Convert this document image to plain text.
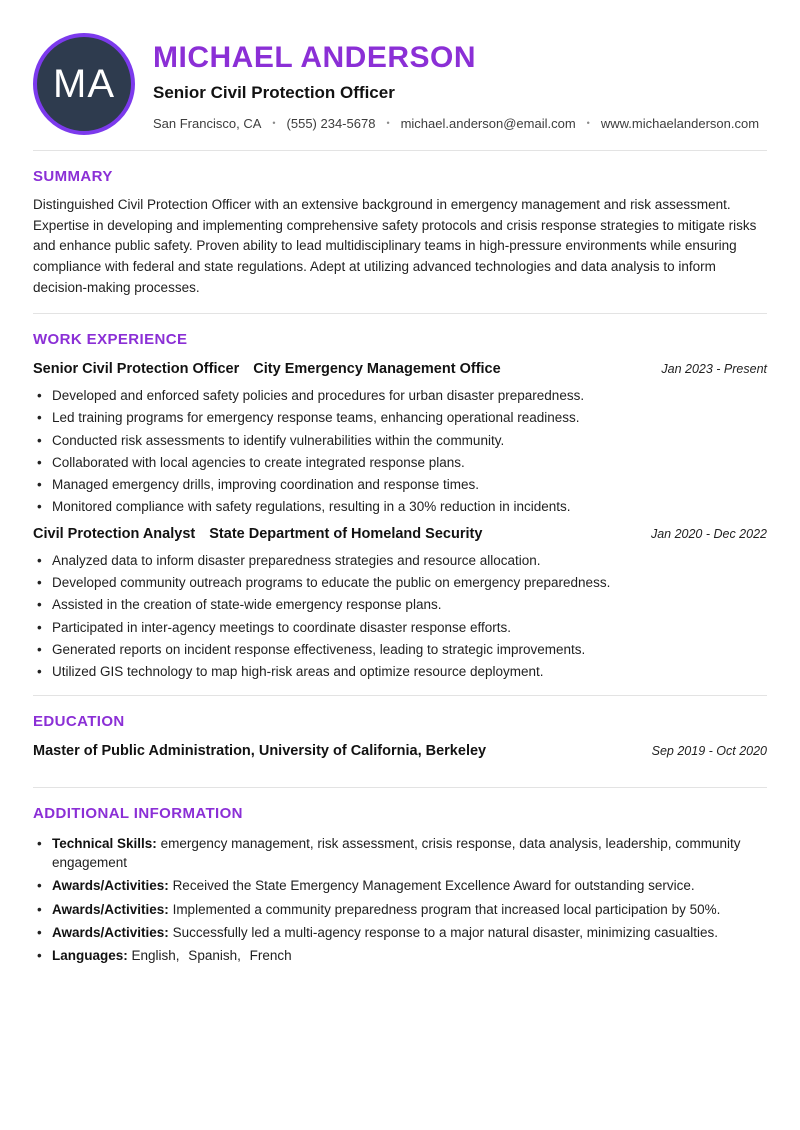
MA
MICHAEL ANDERSON
Senior Civil Protection Officer
San Francisco, CA • (555) 234-5678 • michael.anderson@email.com • www.michaelanderson.com
SUMMARY

Distinguished Civil Protection Officer with an extensive background in emergency management and risk assessment. Expertise in developing and implementing comprehensive safety protocols and crisis response strategies to mitigate risks and enhance public safety. Proven ability to lead multidisciplinary teams in high-pressure environments while ensuring compliance with federal and state regulations. Adept at utilizing advanced technologies and data analysis to inform decision-making processes.

WORK EXPERIENCE
Senior Civil Protection Officer City Emergency Management Office	Jan 2023 - Present
• Developed and enforced safety policies and procedures for urban disaster preparedness.
• Led training programs for emergency response teams, enhancing operational readiness.
• Conducted risk assessments to identify vulnerabilities within the community.
• Collaborated with local agencies to create integrated response plans.
• Managed emergency drills, improving coordination and response times.
• Monitored compliance with safety regulations, resulting in a 30% reduction in incidents.
Civil Protection Analyst State Department of Homeland Security	Jan 2020 - Dec 2022
• Analyzed data to inform disaster preparedness strategies and resource allocation.
• Developed community outreach programs to educate the public on emergency preparedness.
• Assisted in the creation of state-wide emergency response plans.
• Participated in inter-agency meetings to coordinate disaster response efforts.
• Generated reports on incident response effectiveness, leading to strategic improvements.
• Utilized GIS technology to map high-risk areas and optimize resource deployment.
EDUCATION
Master of Public Administration, University of California, Berkeley	Sep 2019 - Oct 2020
ADDITIONAL INFORMATION
• Technical Skills: emergency management, risk assessment, crisis response, data analysis, leadership, community engagement
• Awards/Activities: Received the State Emergency Management Excellence Award for outstanding service.
• Awards/Activities: Implemented a community preparedness program that increased local participation by 50%.
• Awards/Activities: Successfully led a multi-agency response to a major natural disaster, minimizing casualties.
• Languages: English, Spanish, French
